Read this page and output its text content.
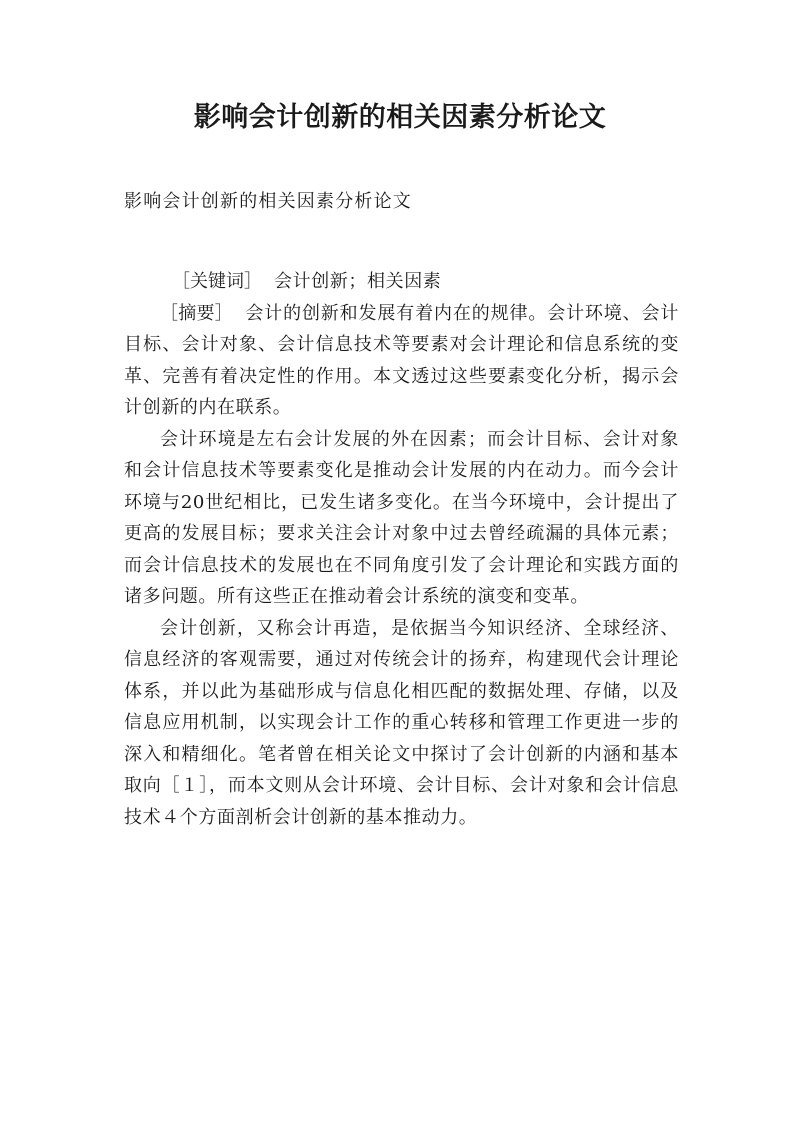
影响会计创新的相关因素分析论文
影响会计创新的相关因素分析论文

［关键词］ 会计创新；相关因素

［摘要］ 会计的创新和发展有着内在的规律。会计环境、会计目标、会计对象、会计信息技术等要素对会计理论和信息系统的变革、完善有着决定性的作用。本文透过这些要素变化分析，揭示会计创新的内在联系。

会计环境是左右会计发展的外在因素；而会计目标、会计对象和会计信息技术等要素变化是推动会计发展的内在动力。而今会计环境与20世纪相比，已发生诸多变化。在当今环境中，会计提出了更高的发展目标；要求关注会计对象中过去曾经疏漏的具体元素；而会计信息技术的发展也在不同角度引发了会计理论和实践方面的诸多问题。所有这些正在推动着会计系统的演变和变革。

会计创新，又称会计再造，是依据当今知识经济、全球经济、信息经济的客观需要，通过对传统会计的扬弃，构建现代会计理论体系，并以此为基础形成与信息化相匹配的数据处理、存储，以及信息应用机制，以实现会计工作的重心转移和管理工作更进一步的深入和精细化。笔者曾在相关论文中探讨了会计创新的内涵和基本取向［１］，而本文则从会计环境、会计目标、会计对象和会计信息技术４个方面剖析会计创新的基本推动力。
